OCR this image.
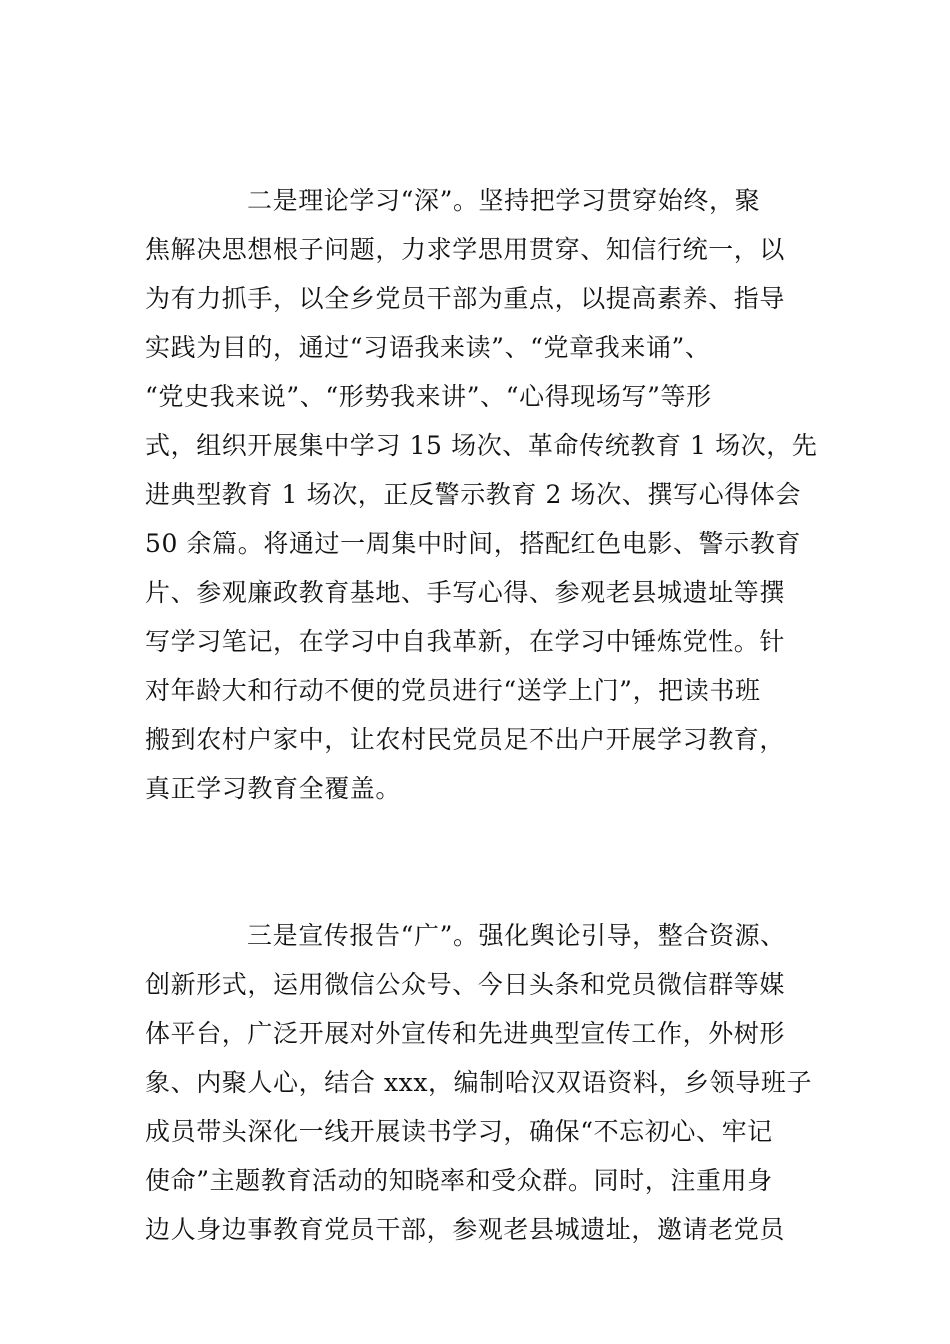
二是理论学习“深”。坚持把学习贯穿始终，聚
焦解决思想根子问题，力求学思用贯穿、知信行统一，以
为有力抓手，以全乡党员干部为重点，以提高素养、指导
实践为目的，通过“习语我来读”、“党章我来诵”、
“党史我来说”、“形势我来讲”、“心得现场写”等形
式，组织开展集中学习 15 场次、革命传统教育 1 场次，先
进典型教育 1 场次，正反警示教育 2 场次、撰写心得体会
50 余篇。将通过一周集中时间，搭配红色电影、警示教育
片、参观廉政教育基地、手写心得、参观老县城遗址等撰
写学习笔记，在学习中自我革新，在学习中锤炼党性。针
对年龄大和行动不便的党员进行“送学上门”，把读书班
搬到农村户家中，让农村民党员足不出户开展学习教育，
真正学习教育全覆盖。
三是宣传报告“广”。强化舆论引导，整合资源、
创新形式，运用微信公众号、今日头条和党员微信群等媒
体平台，广泛开展对外宣传和先进典型宣传工作，外树形
象、内聚人心，结合 xxx，编制哈汉双语资料，乡领导班子
成员带头深化一线开展读书学习，确保“不忘初心、牢记
使命”主题教育活动的知晓率和受众群。同时，注重用身
边人身边事教育党员干部，参观老县城遗址，邀请老党员
